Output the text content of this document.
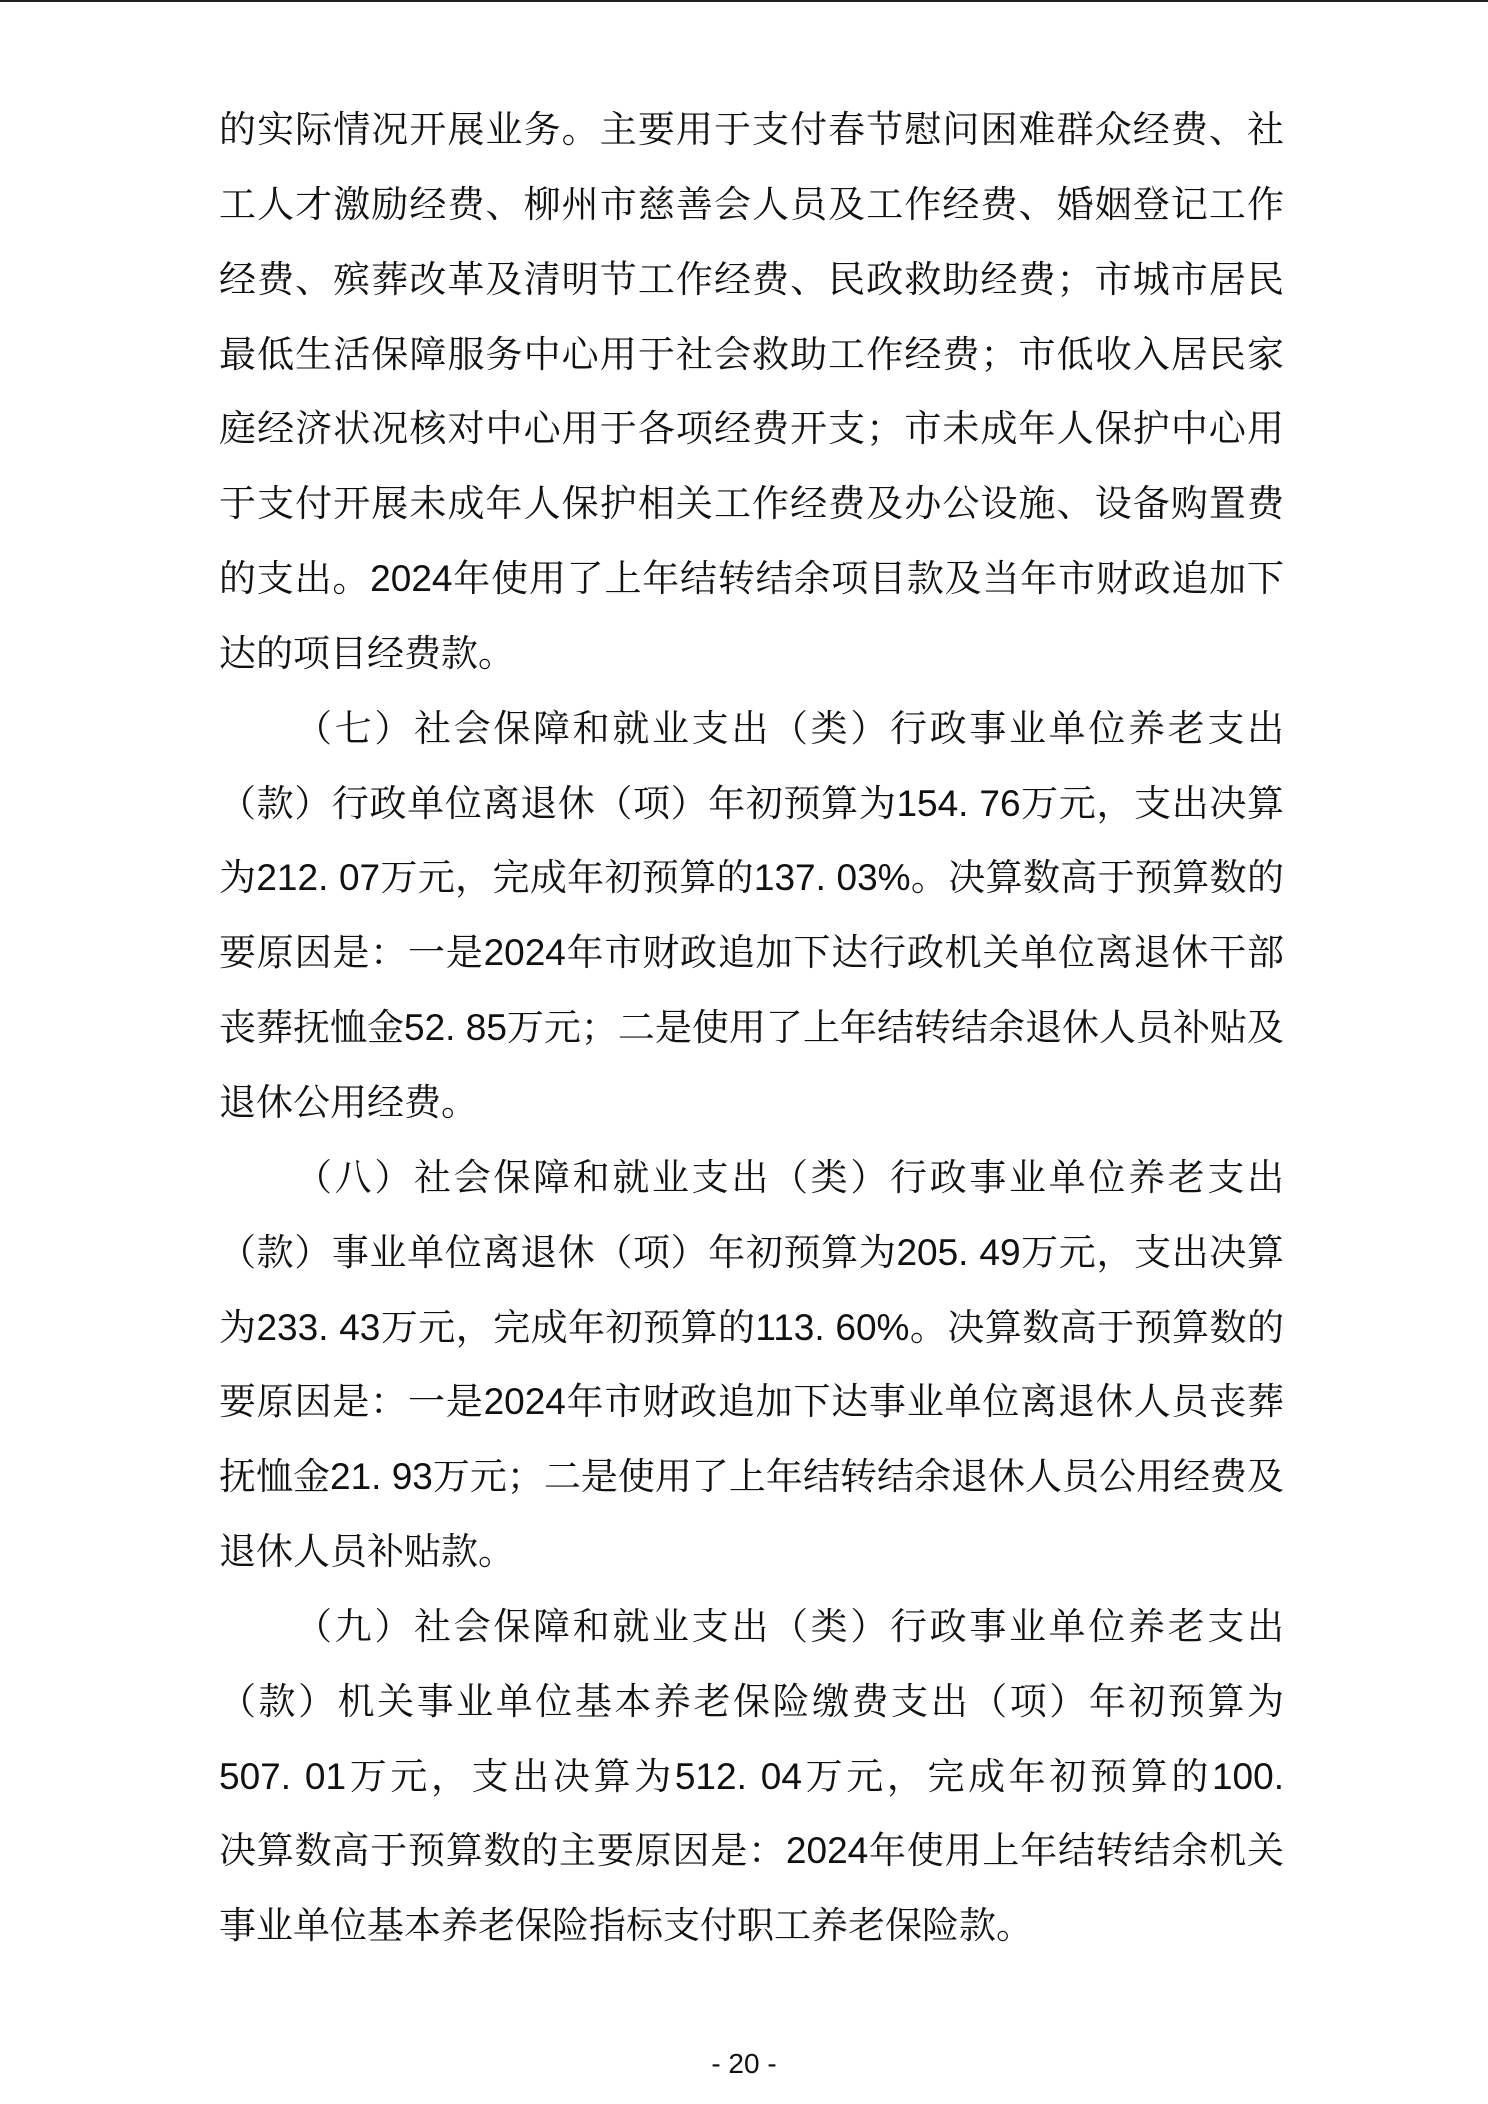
的实际情况开展业务。主要用于支付春节慰问困难群众经费、社
工人才激励经费、柳州市慈善会人员及工作经费、婚姻登记工作
经费、殡葬改革及清明节工作经费、民政救助经费；市城市居民
最低生活保障服务中心用于社会救助工作经费；市低收入居民家
庭经济状况核对中心用于各项经费开支；市未成年人保护中心用
于支付开展未成年人保护相关工作经费及办公设施、设备购置费
的支出。2024年使用了上年结转结余项目款及当年市财政追加下
达的项目经费款。
（七）社会保障和就业支出（类）行政事业单位养老支出
（款）行政单位离退休（项）年初预算为154. 76万元，支出决算
为212. 07万元，完成年初预算的137. 03%。决算数高于预算数的
要原因是：一是2024年市财政追加下达行政机关单位离退休干部
丧葬抚恤金52. 85万元；二是使用了上年结转结余退休人员补贴及
退休公用经费。
（八）社会保障和就业支出（类）行政事业单位养老支出
（款）事业单位离退休（项）年初预算为205. 49万元，支出决算
为233. 43万元，完成年初预算的113. 60%。决算数高于预算数的
要原因是：一是2024年市财政追加下达事业单位离退休人员丧葬
抚恤金21. 93万元；二是使用了上年结转结余退休人员公用经费及
退休人员补贴款。
（九）社会保障和就业支出（类）行政事业单位养老支出
（款）机关事业单位基本养老保险缴费支出（项）年初预算为
507. 01万元，支出决算为512. 04万元，完成年初预算的100.
决算数高于预算数的主要原因是：2024年使用上年结转结余机关
事业单位基本养老保险指标支付职工养老保险款。
- 20 -
